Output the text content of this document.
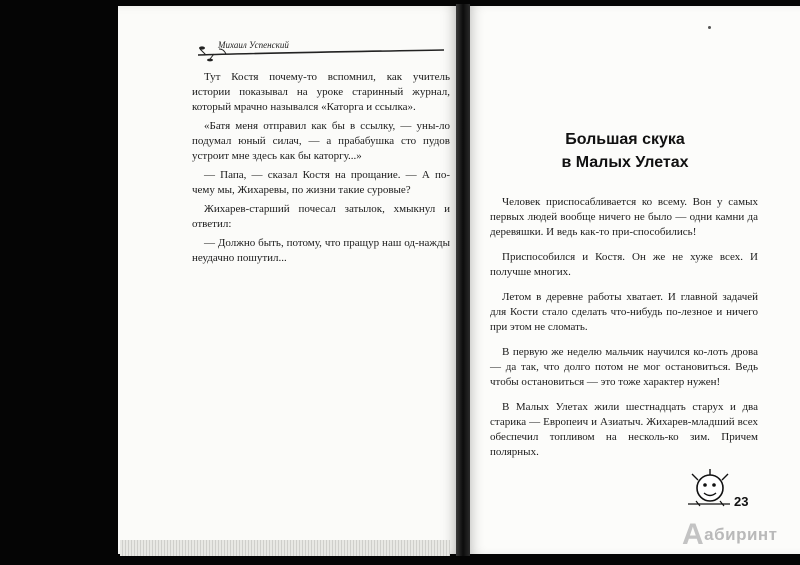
Михаил Успенский

Тут Костя почему-то вспомнил, как учитель истории показывал на уроке старинный журнал, который мрачно назывался «Каторга и ссылка».

«Батя меня отправил как бы в ссылку, — уны-ло подумал юный силач, — а прабабушка сто пудов устроит мне здесь как бы каторгу...»

— Папа, — сказал Костя на прощание. — А по-чему мы, Жихаревы, по жизни такие суровые?

Жихарев-старший почесал затылок, хмыкнул и ответил:

— Должно быть, потому, что пращур наш од-нажды неудачно пошутил...

Большая скука
в Малых Улетах

Человек приспосабливается ко всему. Вон у самых первых людей вообще ничего не было — одни камни да деревяшки. И ведь как-то при-способились!

Приспособился и Костя. Он же не хуже всех. И получше многих.

Летом в деревне работы хватает. И главной задачей для Кости стало сделать что-нибудь по-лезное и ничего при этом не сломать.

В первую же неделю мальчик научился ко-лоть дрова — да так, что долго потом не мог остановиться. Ведь чтобы остановиться — это тоже характер нужен!

В Малых Улетах жили шестнадцать старух и два старика — Европеич и Азиатыч. Жихарев-младший всех обеспечил топливом на несколь-ко зим. Причем полярных.

23
Аабиринт
